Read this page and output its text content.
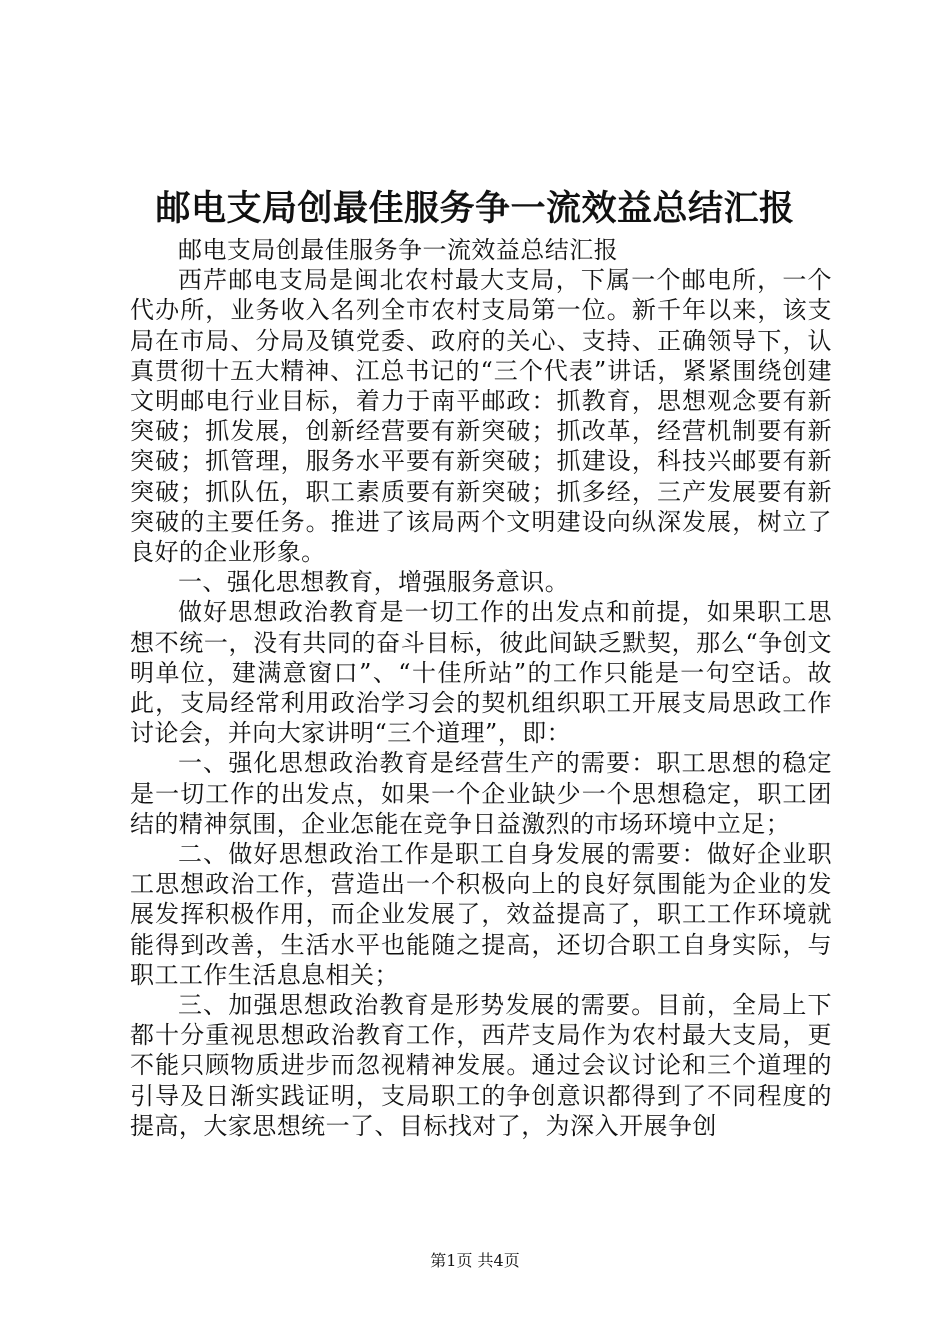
邮电支局创最佳服务争一流效益总结汇报

邮电支局创最佳服务争一流效益总结汇报

西芹邮电支局是闽北农村最大支局，下属一个邮电所，一个代办所，业务收入名列全市农村支局第一位。新千年以来，该支局在市局、分局及镇党委、政府的关心、支持、正确领导下，认真贯彻十五大精神、江总书记的“三个代表”讲话，紧紧围绕创建文明邮电行业目标，着力于南平邮政：抓教育，思想观念要有新突破；抓发展，创新经营要有新突破；抓改革，经营机制要有新突破；抓管理，服务水平要有新突破；抓建设，科技兴邮要有新突破；抓队伍，职工素质要有新突破；抓多经，三产发展要有新突破的主要任务。推进了该局两个文明建设向纵深发展，树立了良好的企业形象。

一、强化思想教育，增强服务意识。

做好思想政治教育是一切工作的出发点和前提，如果职工思想不统一，没有共同的奋斗目标，彼此间缺乏默契，那么“争创文明单位，建满意窗口”、“十佳所站”的工作只能是一句空话。故此，支局经常利用政治学习会的契机组织职工开展支局思政工作讨论会，并向大家讲明“三个道理”，即：

一、强化思想政治教育是经营生产的需要：职工思想的稳定是一切工作的出发点，如果一个企业缺少一个思想稳定，职工团结的精神氛围，企业怎能在竞争日益激烈的市场环境中立足；

二、做好思想政治工作是职工自身发展的需要：做好企业职工思想政治工作，营造出一个积极向上的良好氛围能为企业的发展发挥积极作用，而企业发展了，效益提高了，职工工作环境就能得到改善，生活水平也能随之提高，还切合职工自身实际，与职工工作生活息息相关；

三、加强思想政治教育是形势发展的需要。目前，全局上下都十分重视思想政治教育工作，西芹支局作为农村最大支局，更不能只顾物质进步而忽视精神发展。通过会议讨论和三个道理的引导及日渐实践证明，支局职工的争创意识都得到了不同程度的提高，大家思想统一了、目标找对了，为深入开展争创

第1页 共4页
